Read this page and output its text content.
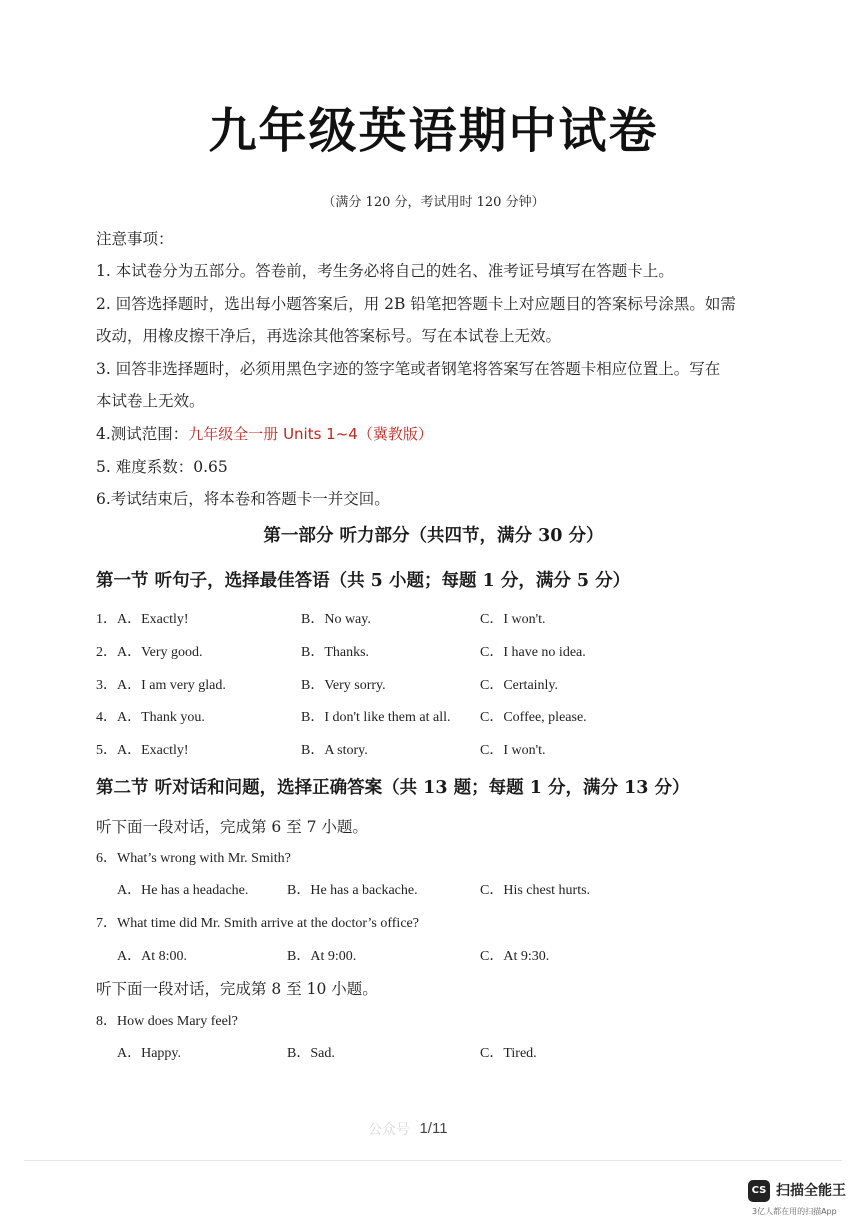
九年级英语期中试卷
（满分 120 分，考试用时 120 分钟）
注意事项：
1. 本试卷分为五部分。答卷前，考生务必将自己的姓名、准考证号填写在答题卡上。
2. 回答选择题时，选出每小题答案后，用 2B 铅笔把答题卡上对应题目的答案标号涂黑。如需
改动，用橡皮擦干净后，再选涂其他答案标号。写在本试卷上无效。
3. 回答非选择题时，必须用黑色字迹的签字笔或者钢笔将答案写在答题卡相应位置上。写在
本试卷上无效。
4.测试范围：九年级全一册 Units 1~4（冀教版）
5. 难度系数：0.65
6.考试结束后，将本卷和答题卡一并交回。
第一部分 听力部分（共四节，满分 30 分）
第一节 听句子，选择最佳答语（共 5 小题；每题 1 分，满分 5 分）
1．A．Exactly!	B．No way.	C．I won't.
2．A．Very good.	B．Thanks.	C．I have no idea.
3．A．I am very glad.	B．Very sorry.	C．Certainly.
4．A．Thank you.	B．I don't like them at all. C．Coffee, please.
5．A．Exactly!	B．A story.	C．I won't.
第二节 听对话和问题，选择正确答案（共 13 题；每题 1 分，满分 13 分）
听下面一段对话，完成第 6 至 7 小题。
6．What’s wrong with Mr. Smith?
A．He has a headache.	B．He has a backache.	C．His chest hurts.
7．What time did Mr. Smith arrive at the doctor’s office?
A．At 8:00.	B．At 9:00.	C．At 9:30.
听下面一段对话，完成第 8 至 10 小题。
8．How does Mary feel?
A．Happy.	B．Sad.	C．Tired.
公众号 1/11
CS 扫描全能王
3亿人都在用的扫描App
